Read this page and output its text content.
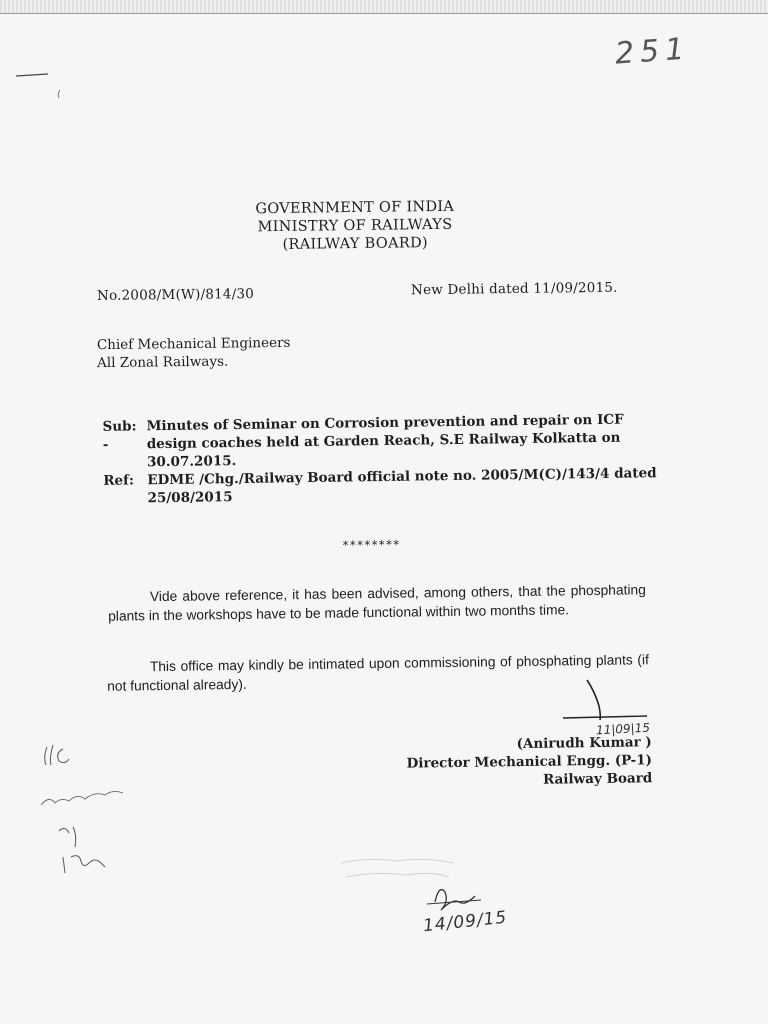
251
GOVERNMENT OF INDIA
MINISTRY OF RAILWAYS
(RAILWAY BOARD)
No.2008/M(W)/814/30	New Delhi dated 11/09/2015.
Chief Mechanical Engineers
All Zonal Railways.
Sub: -
Minutes of Seminar on Corrosion prevention and repair on ICF design coaches held at Garden Reach, S.E Railway Kolkatta on 30.07.2015.
Ref: EDME /Chg./Railway Board official note no. 2005/M(C)/143/4 dated 25/08/2015
********
Vide above reference, it has been advised, among others, that the phosphating plants in the workshops have to be made functional within two months time.
This office may kindly be intimated upon commissioning of phosphating plants (if not functional already).
11|09|15
(Anirudh Kumar )
Director Mechanical Engg. (P-1)
Railway Board
14/09/15
